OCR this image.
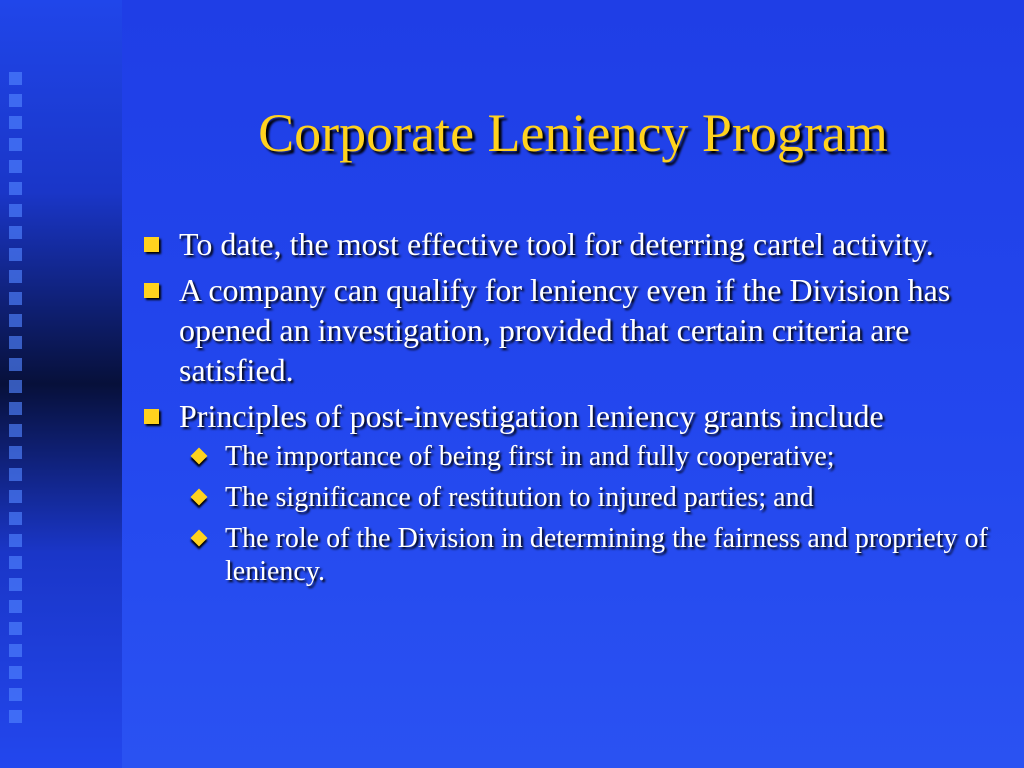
Corporate Leniency Program
To date, the most effective tool for deterring cartel activity.
A company can qualify for leniency even if the Division has opened an investigation, provided that certain criteria are satisfied.
Principles of post-investigation leniency grants include
The importance of being first in and fully cooperative;
The significance of restitution to injured parties; and
The role of the Division in determining the fairness and propriety of leniency.
